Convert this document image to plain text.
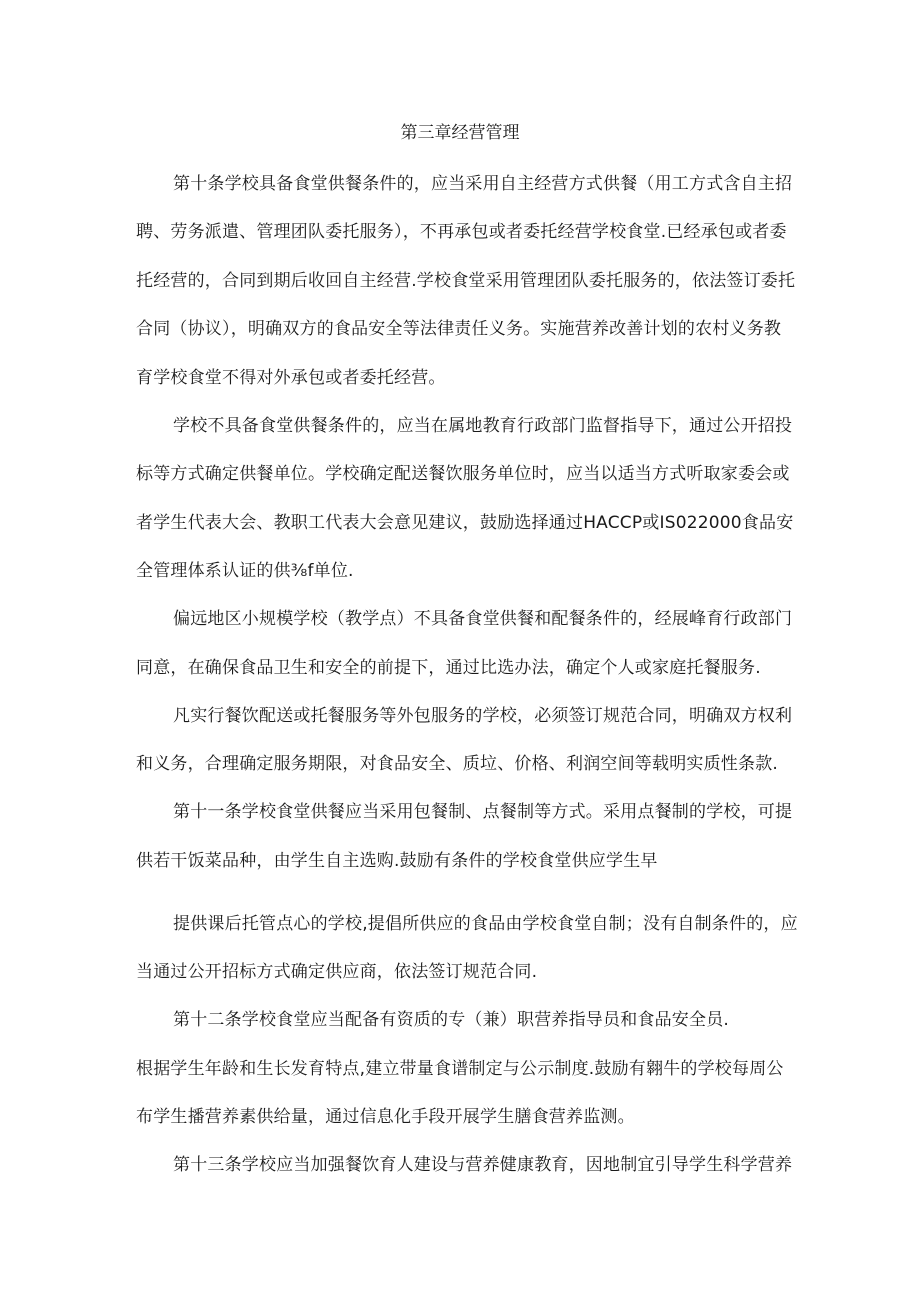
第三章经营管理
第十条学校具备食堂供餐条件的，应当采用自主经营方式供餐（用工方式含自主招
聘、劳务派遣、管理团队委托服务），不再承包或者委托经营学校食堂.已经承包或者委
托经营的，合同到期后收回自主经营.学校食堂采用管理团队委托服务的，依法签订委托
合同（协议），明确双方的食品安全等法律责任义务。实施营养改善计划的农村义务教
育学校食堂不得对外承包或者委托经营。
学校不具备食堂供餐条件的，应当在属地教育行政部门监督指导下，通过公开招投
标等方式确定供餐单位。学校确定配送餐饮服务单位时，应当以适当方式听取家委会或
者学生代表大会、教职工代表大会意见建议，鼓励选择通过HACCP或IS022000食品安
全管理体系认证的供⅜f单位.
偏远地区小规模学校（教学点）不具备食堂供餐和配餐条件的，经展峰育行政部门
同意，在确保食品卫生和安全的前提下，通过比选办法，确定个人或家庭托餐服务.
凡实行餐饮配送或托餐服务等外包服务的学校，必须签订规范合同，明确双方权利
和义务，合理确定服务期限，对食品安全、质垃、价格、利润空间等载明实质性条款.
第十一条学校食堂供餐应当采用包餐制、点餐制等方式。采用点餐制的学校，可提
供若干饭菜品种，由学生自主选购.鼓励有条件的学校食堂供应学生早
提供课后托管点心的学校,提倡所供应的食品由学校食堂自制；没有自制条件的，应
当通过公开招标方式确定供应商，依法签订规范合同.
第十二条学校食堂应当配备有资质的专（兼）职营养指导员和食品安全员.
根据学生年龄和生长发育特点,建立带量食谱制定与公示制度.鼓励有翱牛的学校每周公
布学生播营养素供给量，通过信息化手段开展学生膳食营养监测。
第十三条学校应当加强餐饮育人建设与营养健康教育，因地制宜引导学生科学营养
